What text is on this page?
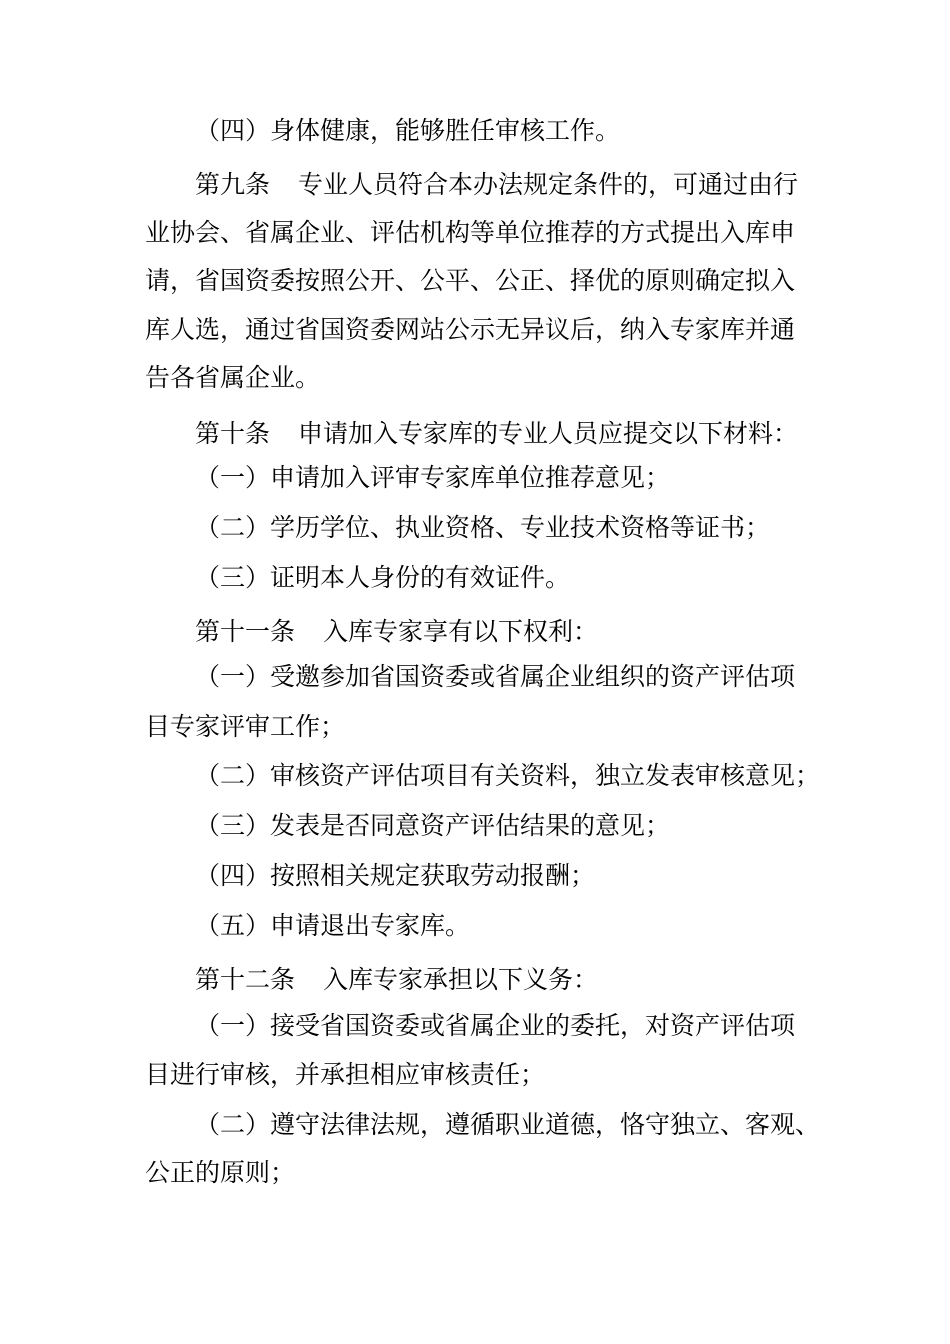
（四）身体健康，能够胜任审核工作。

第九条 专业人员符合本办法规定条件的，可通过由行

业协会、省属企业、评估机构等单位推荐的方式提出入库申

请，省国资委按照公开、公平、公正、择优的原则确定拟入

库人选，通过省国资委网站公示无异议后，纳入专家库并通

告各省属企业。

第十条 申请加入专家库的专业人员应提交以下材料：

（一）申请加入评审专家库单位推荐意见；

（二）学历学位、执业资格、专业技术资格等证书；

（三）证明本人身份的有效证件。

第十一条 入库专家享有以下权利：

（一）受邀参加省国资委或省属企业组织的资产评估项

目专家评审工作；

（二）审核资产评估项目有关资料，独立发表审核意见；

（三）发表是否同意资产评估结果的意见；

（四）按照相关规定获取劳动报酬；

（五）申请退出专家库。

第十二条 入库专家承担以下义务：

（一）接受省国资委或省属企业的委托，对资产评估项

目进行审核，并承担相应审核责任；

（二）遵守法律法规，遵循职业道德，恪守独立、客观、

公正的原则；
